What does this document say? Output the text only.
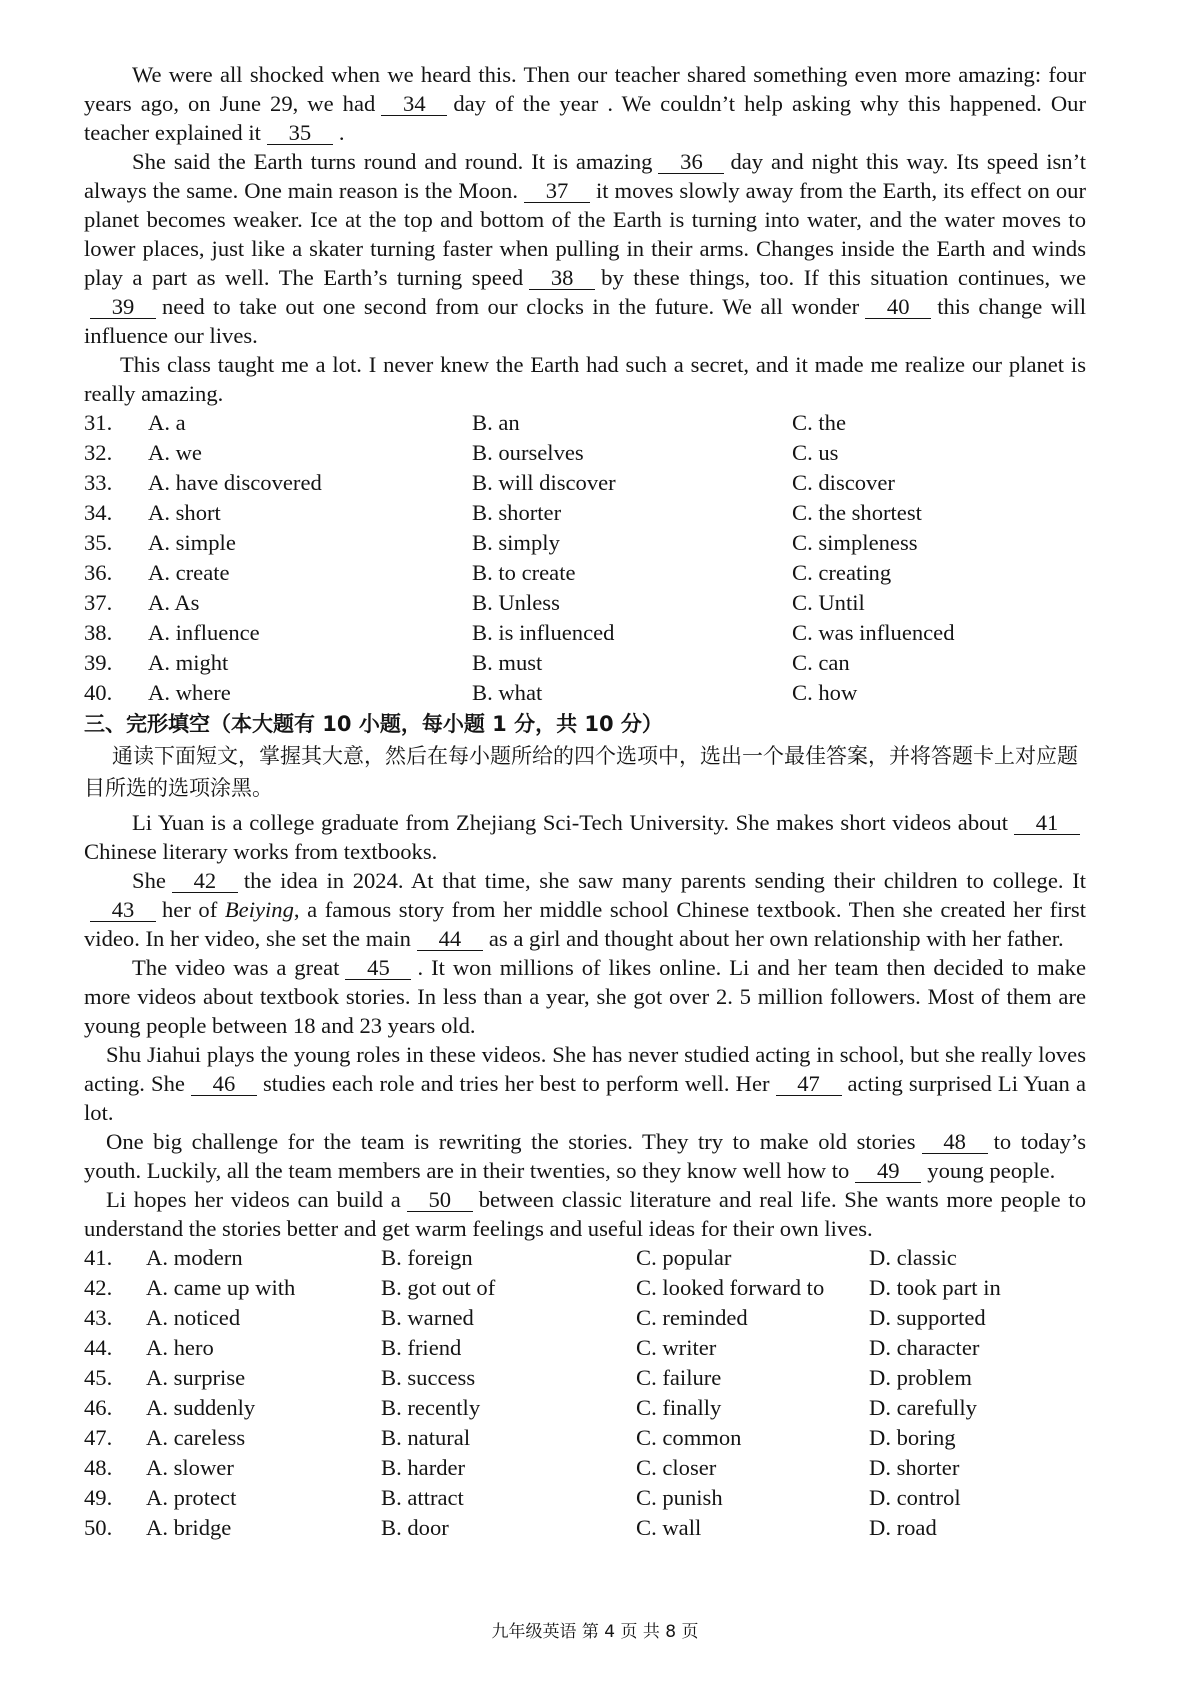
We were all shocked when we heard this. Then our teacher shared something even more amazing: four years ago, on June 29, we had 34 day of the year . We couldn’t help asking why this happened. Our teacher explained it 35 .

She said the Earth turns round and round. It is amazing 36 day and night this way. Its speed isn’t always the same. One main reason is the Moon. 37 it moves slowly away from the Earth, its effect on our planet becomes weaker. Ice at the top and bottom of the Earth is turning into water, and the water moves to lower places, just like a skater turning faster when pulling in their arms. Changes inside the Earth and winds play a part as well. The Earth’s turning speed 38 by these things, too. If this situation continues, we39 need to take out one second from our clocks in the future. We all wonder 40 this change will influence our lives.

This class taught me a lot. I never knew the Earth had such a secret, and it made me realize our planet is really amazing.

31.	A. a	B. an	C. the
32.	A. we	B. ourselves	C. us
33.	A. have discovered	B. will discover	C. discover
34.	A. short	B. shorter	C. the shortest
35.	A. simple	B. simply	C. simpleness
36.	A. create	B. to create	C. creating
37.	A. As	B. Unless	C. Until
38.	A. influence	B. is influenced	C. was influenced
39.	A. might	B. must	C. can
40.	A. where	B. what	C. how

三、完形填空（本大题有 10 小题，每小题 1 分，共 10 分）

通读下面短文，掌握其大意，然后在每小题所给的四个选项中，选出一个最佳答案，并将答题卡上对应题目所选的选项涂黑。

Li Yuan is a college graduate from Zhejiang Sci-Tech University. She makes short videos about 41Chinese literary works from textbooks.

She 42 the idea in 2024. At that time, she saw many parents sending their children to college. It43 her of Beiying, a famous story from her middle school Chinese textbook. Then she created her first video. In her video, she set the main 44 as a girl and thought about her own relationship with her father.

The video was a great 45 . It won millions of likes online. Li and her team then decided to make more videos about textbook stories. In less than a year, she got over 2. 5 million followers. Most of them are young people between 18 and 23 years old.

Shu Jiahui plays the young roles in these videos. She has never studied acting in school, but she really loves acting. She 46 studies each role and tries her best to perform well. Her 47 acting surprised Li Yuan a lot.

One big challenge for the team is rewriting the stories. They try to make old stories 48 to today’s youth. Luckily, all the team members are in their twenties, so they know well how to 49 young people.

Li hopes her videos can build a 50 between classic literature and real life. She wants more people to understand the stories better and get warm feelings and useful ideas for their own lives.

41.	A. modern	B. foreign	C. popular	D. classic
42.	A. came up with	B. got out of	C. looked forward to	D. took part in
43.	A. noticed	B. warned	C. reminded	D. supported
44.	A. hero	B. friend	C. writer	D. character
45.	A. surprise	B. success	C. failure	D. problem
46.	A. suddenly	B. recently	C. finally	D. carefully
47.	A. careless	B. natural	C. common	D. boring
48.	A. slower	B. harder	C. closer	D. shorter
49.	A. protect	B. attract	C. punish	D. control
50.	A. bridge	B. door	C. wall	D. road
九年级英语 第 4 页 共 8 页
